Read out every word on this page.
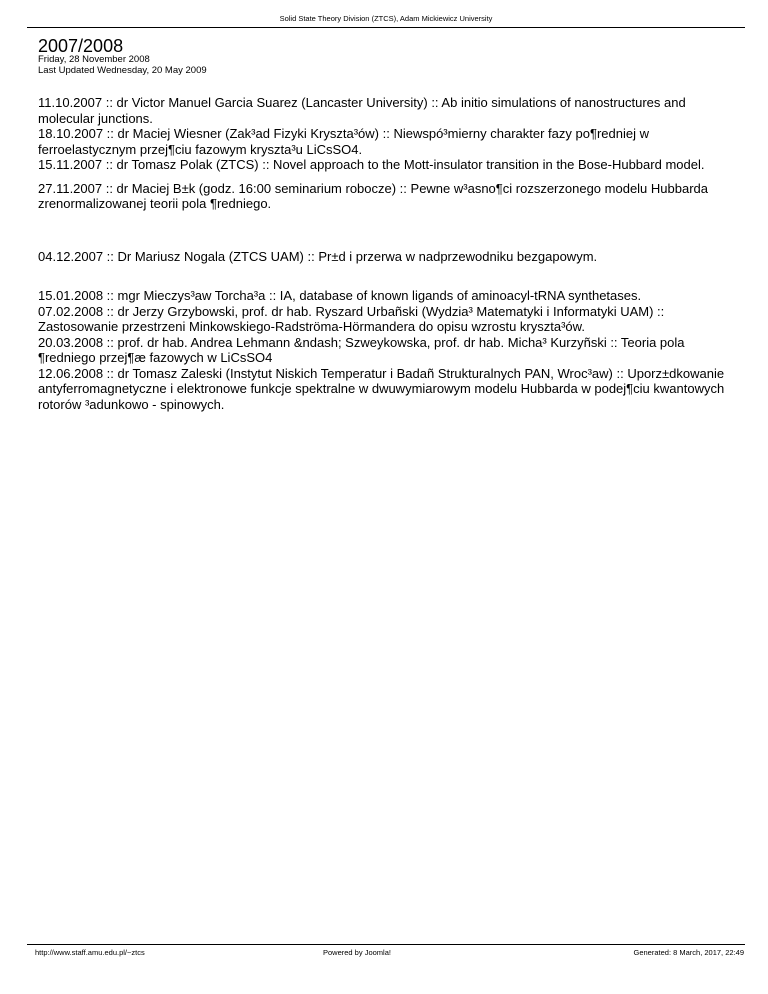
Solid State Theory Division (ZTCS), Adam Mickiewicz University
2007/2008
Friday, 28 November 2008
Last Updated Wednesday, 20 May 2009

11.10.2007 :: dr Victor Manuel Garcia Suarez (Lancaster University) :: Ab initio simulations of nanostructures and molecular junctions.
18.10.2007 :: dr Maciej Wiesner (Zak³ad Fizyki Kryszta³ów) :: Niewspó³mierny charakter fazy po¶redniej w ferroelastycznym przej¶ciu fazowym kryszta³u LiCsSO4.
15.11.2007 :: dr Tomasz Polak (ZTCS) :: Novel approach to the Mott-insulator transition in the Bose-Hubbard model.

27.11.2007 :: dr Maciej B±k (godz. 16:00 seminarium robocze) :: Pewne w³asno¶ci rozszerzonego modelu Hubbarda zrenormalizowanej teorii pola ¶redniego.

04.12.2007 :: Dr Mariusz Nogala (ZTCS UAM) :: Pr±d i przerwa w nadprzewodniku bezgapowym.

15.01.2008 :: mgr Mieczys³aw Torcha³a :: IA, database of known ligands of aminoacyl-tRNA synthetases.
07.02.2008 :: dr Jerzy Grzybowski, prof. dr hab. Ryszard Urbañski (Wydzia³ Matematyki i Informatyki UAM) :: Zastosowanie przestrzeni Minkowskiego-Radströma-Hörmandera do opisu wzrostu kryszta³ów.
20.03.2008 :: prof. dr hab. Andrea Lehmann &ndash; Szweykowska, prof. dr hab. Micha³ Kurzyñski :: Teoria pola ¶redniego przej¶æ fazowych w LiCsSO4
12.06.2008 :: dr Tomasz Zaleski (Instytut Niskich Temperatur i Badañ Strukturalnych PAN, Wroc³aw) :: Uporz±dkowanie antyferromagnetyczne i elektronowe funkcje spektralne w dwuwymiarowym modelu Hubbarda w podej¶ciu kwantowych rotorów ³adunkowo - spinowych.

http://www.staff.amu.edu.pl/~ztcs	Powered by Joomla!	Generated: 8 March, 2017, 22:49
